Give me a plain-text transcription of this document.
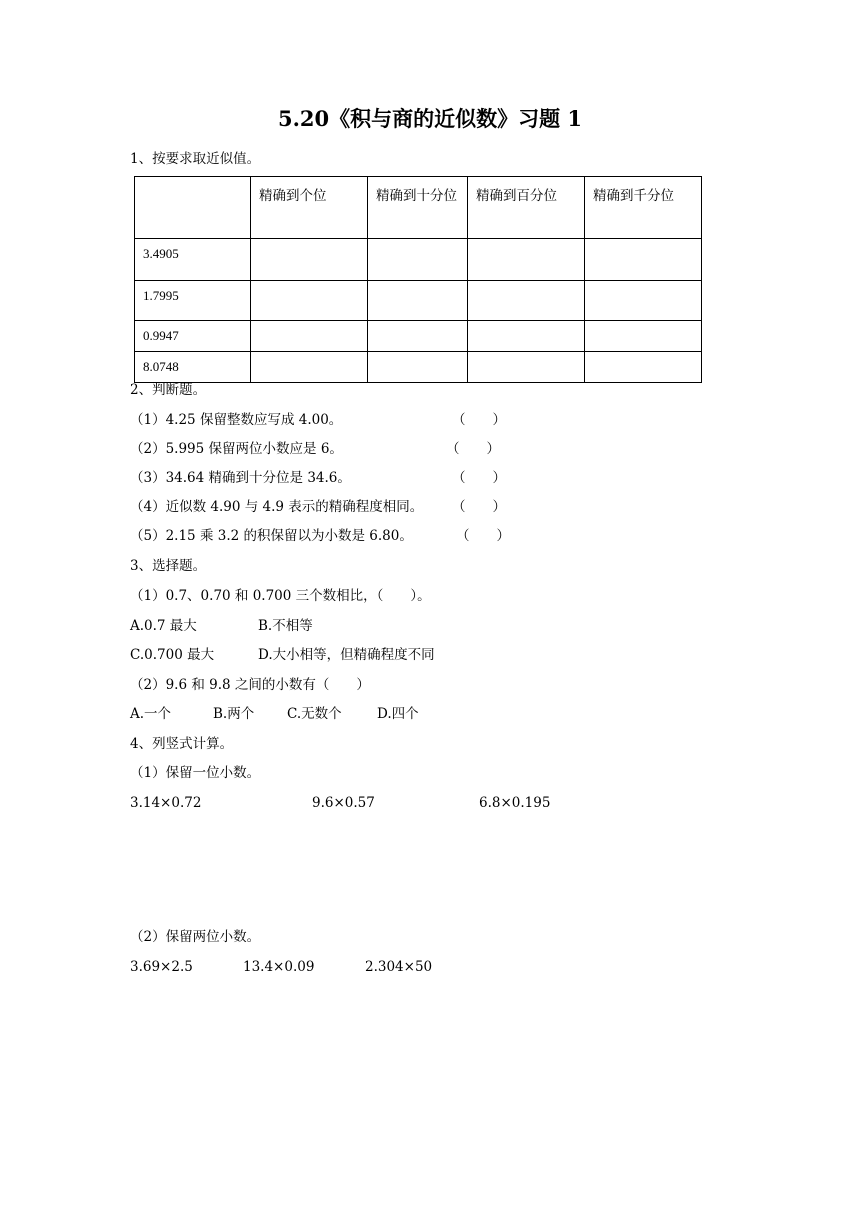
5.20《积与商的近似数》习题 1
1、按要求取近似值。
	精确到个位	精确到十分位	精确到百分位	精确到千分位
3.4905				
1.7995				
0.9947				
8.0748				
2、判断题。
（1）4.25 保留整数应写成 4.00。	（　　）
（2）5.995 保留两位小数应是 6。	（　　）
（3）34.64 精确到十分位是 34.6。	（　　）
（4）近似数 4.90 与 4.9 表示的精确程度相同。 （　　）
（5）2.15 乘 3.2 的积保留以为小数是 6.80。	（　　）
3、选择题。
（1）0.7、0.70 和 0.700 三个数相比，（　　）。
A.0.7 最大	B.不相等
C.0.700 最大	D.大小相等，但精确程度不同
（2）9.6 和 9.8 之间的小数有（　　）
A.一个	B.两个 C.无数个	D.四个
4、列竖式计算。
（1）保留一位小数。
3.14×0.72	9.6×0.57	6.8×0.195
（2）保留两位小数。
3.69×2.5	13.4×0.09	2.304×50
